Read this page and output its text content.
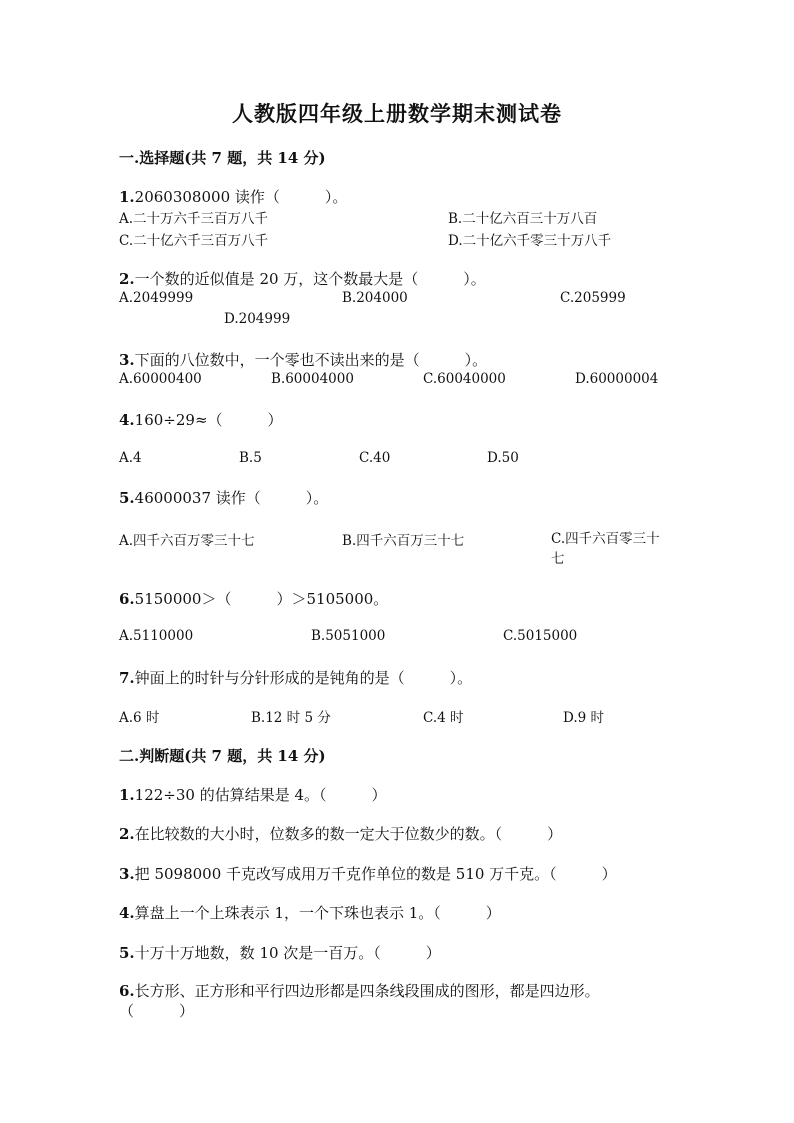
人教版四年级上册数学期末测试卷
一.选择题(共 7 题，共 14 分)
1.2060308000 读作（　　　）。
A.二十万六千三百万八千	B.二十亿六百三十万八百
C.二十亿六千三百万八千	D.二十亿六千零三十万八千
2.一个数的近似值是 20 万，这个数最大是（　　　）。
A.2049999	B.204000	C.205999
D.204999
3.下面的八位数中，一个零也不读出来的是（　　　）。
A.60000400	B.60004000	C.60040000	D.60000004
4.160÷29≈（　　　）
A.4	B.5	C.40	D.50
5.46000037 读作（　　　）。
A.四千六百万零三十七	B.四千六百万三十七	C.四千六百零三十七
6.5150000＞（　　　）＞5105000。
A.5110000	B.5051000	C.5015000
7.钟面上的时针与分针形成的是钝角的是（　　　）。
A.6 时	B.12 时 5 分	C.4 时	D.9 时
二.判断题(共 7 题，共 14 分)
1.122÷30 的估算结果是 4。（　　　）
2.在比较数的大小时，位数多的数一定大于位数少的数。（　　　）
3.把 5098000 千克改写成用万千克作单位的数是 510 万千克。（　　　）
4.算盘上一个上珠表示 1，一个下珠也表示 1。（　　　）
5.十万十万地数，数 10 次是一百万。（　　　）
6.长方形、正方形和平行四边形都是四条线段围成的图形，都是四边形。（　　　）
